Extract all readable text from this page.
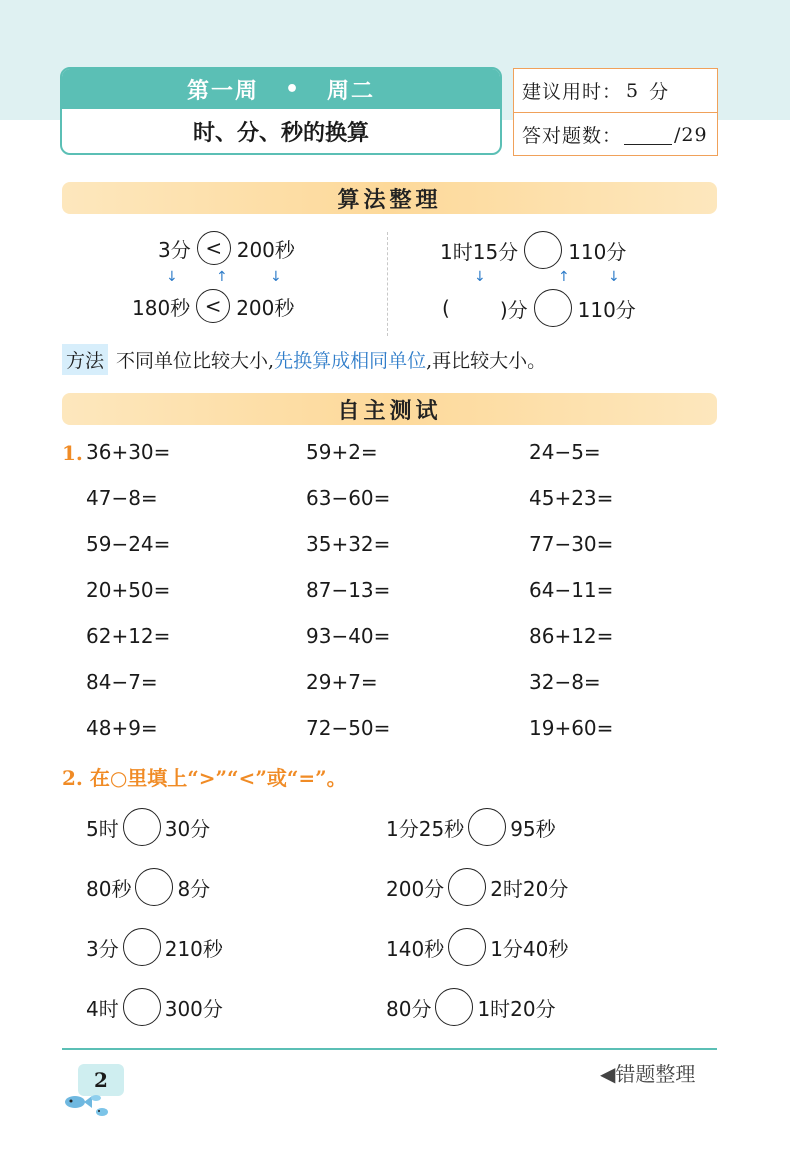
第一周 • 周二
时、分、秒的换算
建议用时： 5 分
答对题数：	/29
算法整理
3分 < 200秒
↓	↑	↓
180秒 < 200秒
1时15分	110分
↓	↑	↓
(	)分	110分
方法 不同单位比较大小, 先换算成相同单位 ,再比较大小。
自主测试
1. 36+30=	59+2=	24−5=
47−8=	63−60=	45+23=
59−24=	35+32=	77−30=
20+50=	87−13=	64−11=
62+12=	93−40=	86+12=
84−7=	29+7=	32−8=
48+9=	72−50=	19+60=
2. 在○里填上“>”“<”或“=”。
5时 30分	1分25秒 95秒
80秒 8分	200分 2时20分
3分 210秒	140秒 1分40秒
4时 300分	80分 1时20分
2	◀错题整理
